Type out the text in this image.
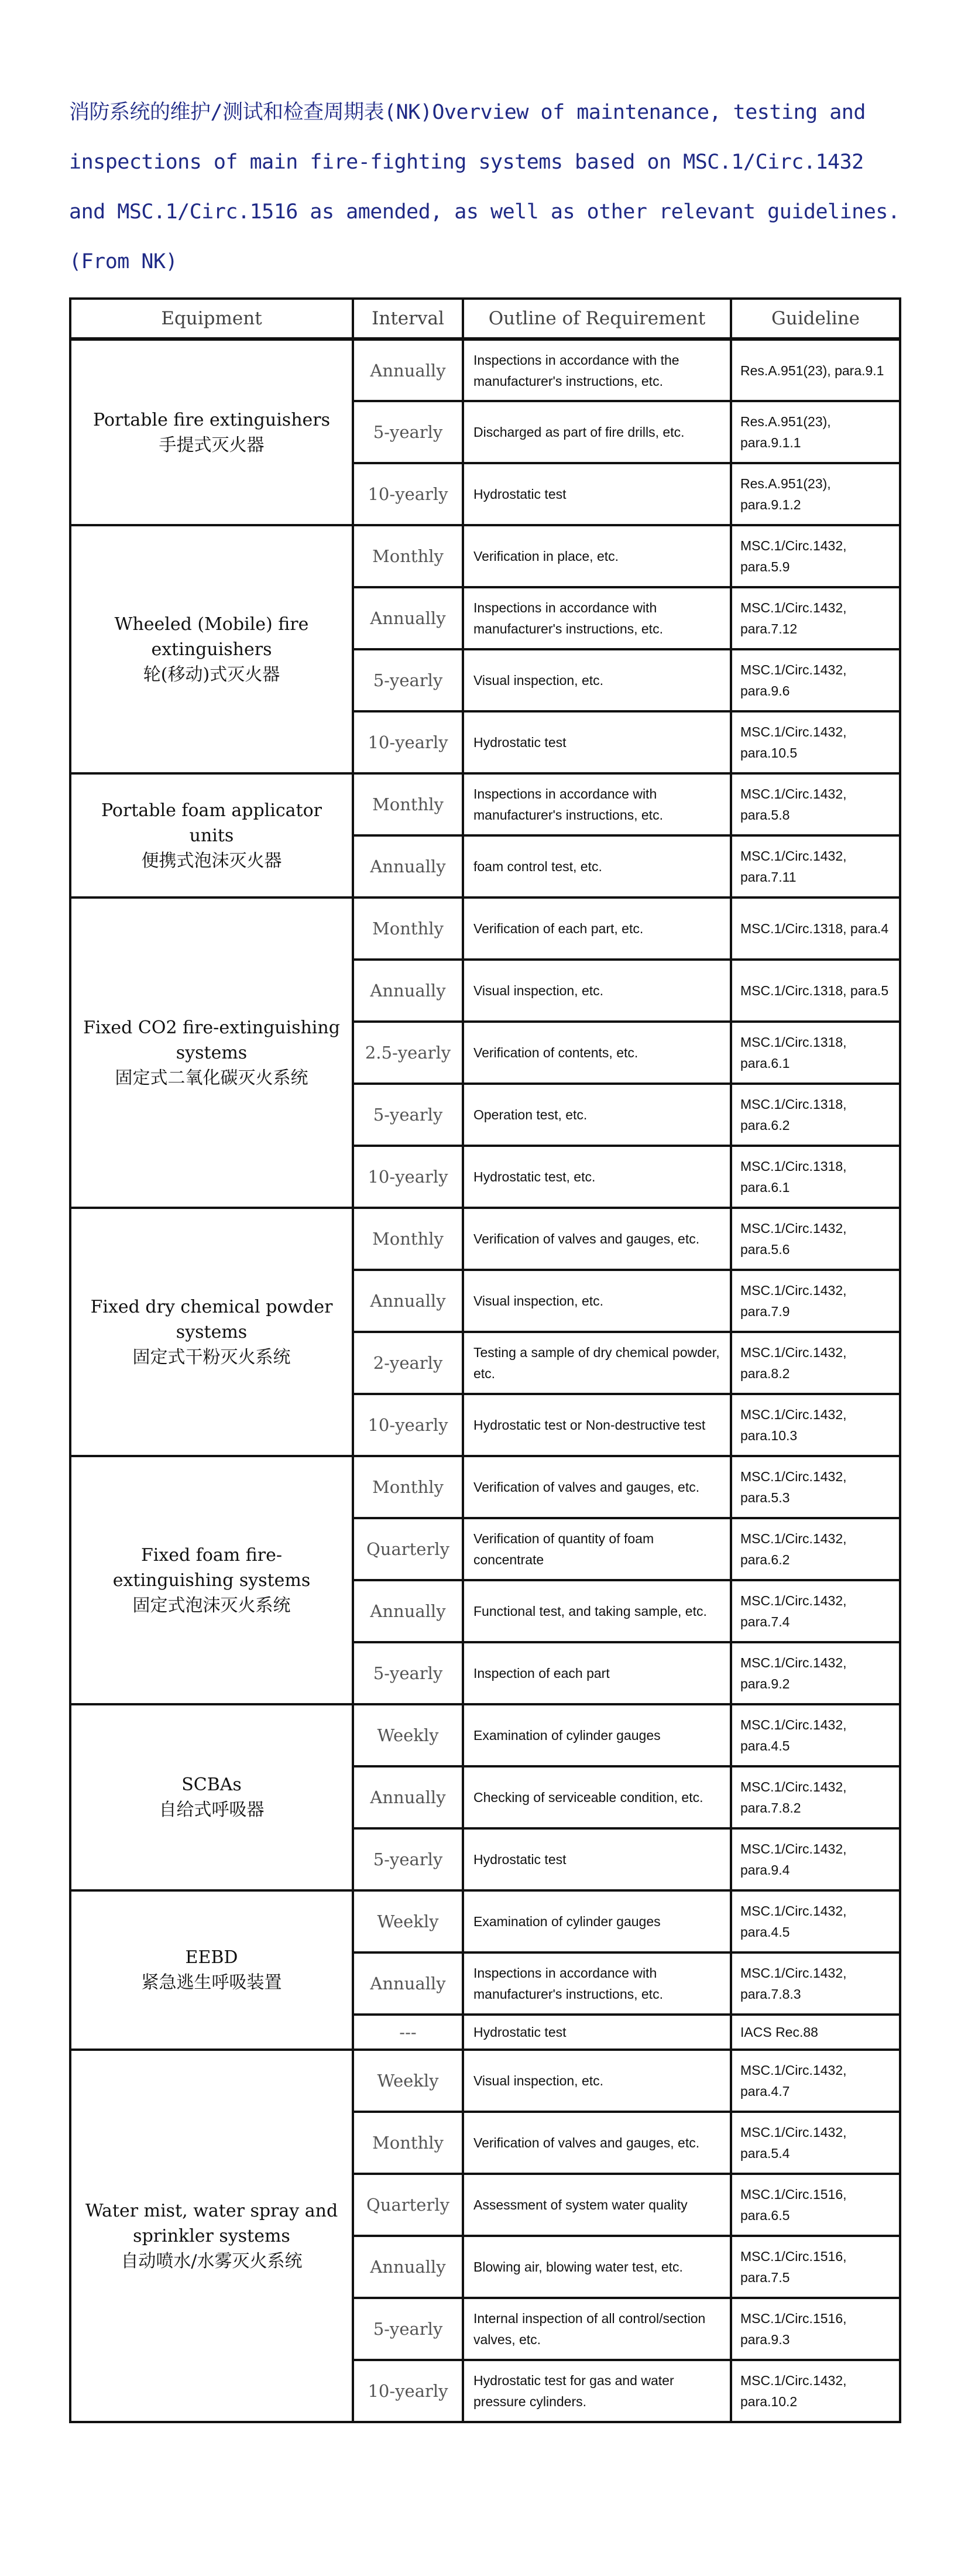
消防系统的维护/测试和检查周期表(NK)Overview of maintenance, testing and inspections of main fire-fighting systems based on MSC.1/Circ.1432 and MSC.1/Circ.1516 as amended, as well as other relevant guidelines.(From NK)
Equipment	Interval	Outline of Requirement	Guideline
Portable fire extinguishers
手提式灭火器	Annually	Inspections in accordance with the manufacturer's instructions, etc.	Res.A.951(23), para.9.1
	5-yearly	Discharged as part of fire drills, etc.	Res.A.951(23), para.9.1.1
	10-yearly	Hydrostatic test	Res.A.951(23), para.9.1.2
Wheeled (Mobile) fire extinguishers
轮(移动)式灭火器	Monthly	Verification in place, etc.	MSC.1/Circ.1432, para.5.9
	Annually	Inspections in accordance with manufacturer's instructions, etc.	MSC.1/Circ.1432, para.7.12
	5-yearly	Visual inspection, etc.	MSC.1/Circ.1432, para.9.6
	10-yearly	Hydrostatic test	MSC.1/Circ.1432, para.10.5
Portable foam applicator units
便携式泡沫灭火器	Monthly	Inspections in accordance with manufacturer's instructions, etc.	MSC.1/Circ.1432, para.5.8
	Annually	foam control test, etc.	MSC.1/Circ.1432, para.7.11
Fixed CO2 fire-extinguishing systems
固定式二氧化碳灭火系统	Monthly	Verification of each part, etc.	MSC.1/Circ.1318, para.4
	Annually	Visual inspection, etc.	MSC.1/Circ.1318, para.5
	2.5-yearly	Verification of contents, etc.	MSC.1/Circ.1318, para.6.1
	5-yearly	Operation test, etc.	MSC.1/Circ.1318, para.6.2
	10-yearly	Hydrostatic test, etc.	MSC.1/Circ.1318, para.6.1
Fixed dry chemical powder systems
固定式干粉灭火系统	Monthly	Verification of valves and gauges, etc.	MSC.1/Circ.1432, para.5.6
	Annually	Visual inspection, etc.	MSC.1/Circ.1432, para.7.9
	2-yearly	Testing a sample of dry chemical powder, etc.	MSC.1/Circ.1432, para.8.2
	10-yearly	Hydrostatic test or Non-destructive test	MSC.1/Circ.1432, para.10.3
Fixed foam fire-extinguishing systems
固定式泡沫灭火系统	Monthly	Verification of valves and gauges, etc.	MSC.1/Circ.1432, para.5.3
	Quarterly	Verification of quantity of foam concentrate	MSC.1/Circ.1432, para.6.2
	Annually	Functional test, and taking sample, etc.	MSC.1/Circ.1432, para.7.4
	5-yearly	Inspection of each part	MSC.1/Circ.1432, para.9.2
SCBAs
自给式呼吸器	Weekly	Examination of cylinder gauges	MSC.1/Circ.1432, para.4.5
	Annually	Checking of serviceable condition, etc.	MSC.1/Circ.1432, para.7.8.2
	5-yearly	Hydrostatic test	MSC.1/Circ.1432, para.9.4
EEBD
紧急逃生呼吸装置	Weekly	Examination of cylinder gauges	MSC.1/Circ.1432, para.4.5
	Annually	Inspections in accordance with manufacturer's instructions, etc.	MSC.1/Circ.1432, para.7.8.3
	---	Hydrostatic test	IACS Rec.88
Water mist, water spray and sprinkler systems
自动喷水/水雾灭火系统	Weekly	Visual inspection, etc.	MSC.1/Circ.1432, para.4.7
	Monthly	Verification of valves and gauges, etc.	MSC.1/Circ.1432, para.5.4
	Quarterly	Assessment of system water quality	MSC.1/Circ.1516, para.6.5
	Annually	Blowing air, blowing water test, etc.	MSC.1/Circ.1516, para.7.5
	5-yearly	Internal inspection of all control/section valves, etc.	MSC.1/Circ.1516, para.9.3
	10-yearly	Hydrostatic test for gas and water pressure cylinders.	MSC.1/Circ.1432, para.10.2
